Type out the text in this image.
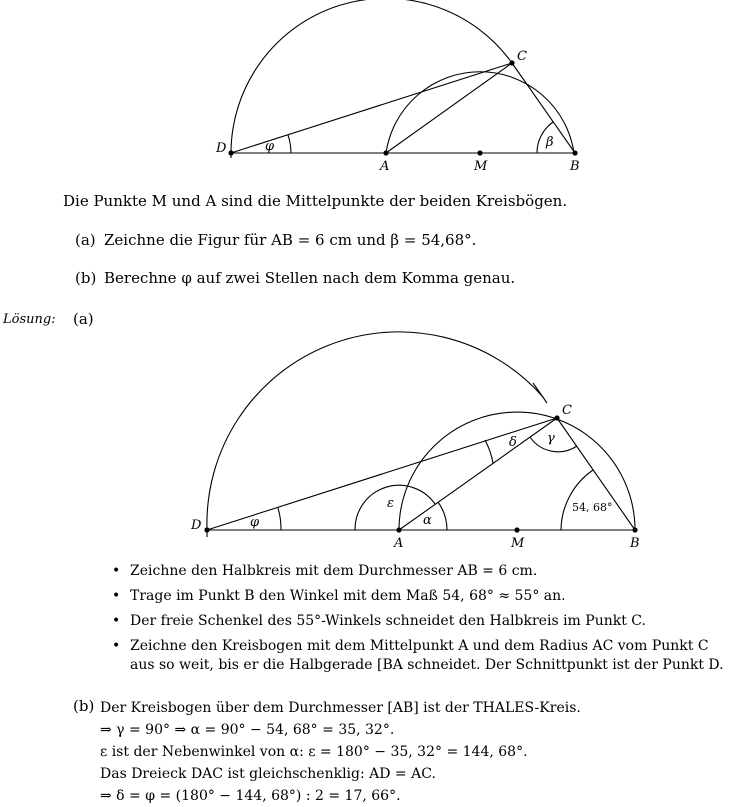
D
A	M	B
C
φ	β
D
A	M	B
C
φ
ε
α
δ γ
54, 68°
Die Punkte M und A sind die Mittelpunkte der beiden Kreisbögen.
(a) Zeichne die Figur für AB = 6 cm und β = 54,68°.
(b) Berechne φ auf zwei Stellen nach dem Komma genau.
Lösung: (a)
• Zeichne den Halbkreis mit dem Durchmesser AB = 6 cm.
• Trage im Punkt B den Winkel mit dem Maß 54, 68° ≈ 55° an.
• Der freie Schenkel des 55°-Winkels schneidet den Halbkreis im Punkt C.
• Zeichne den Kreisbogen mit dem Mittelpunkt A und dem Radius AC vom Punkt C aus so weit, bis er die Halbgerade [BA schneidet. Der Schnittpunkt ist der Punkt D.
(b) Der Kreisbogen über dem Durchmesser [AB] ist der THALES-Kreis.
⇒ γ = 90° ⇒ α = 90° − 54, 68° = 35, 32°.
ε ist der Nebenwinkel von α: ε = 180° − 35, 32° = 144, 68°.
Das Dreieck DAC ist gleichschenklig: AD = AC.
⇒ δ = φ = (180° − 144, 68°) : 2 = 17, 66°.
